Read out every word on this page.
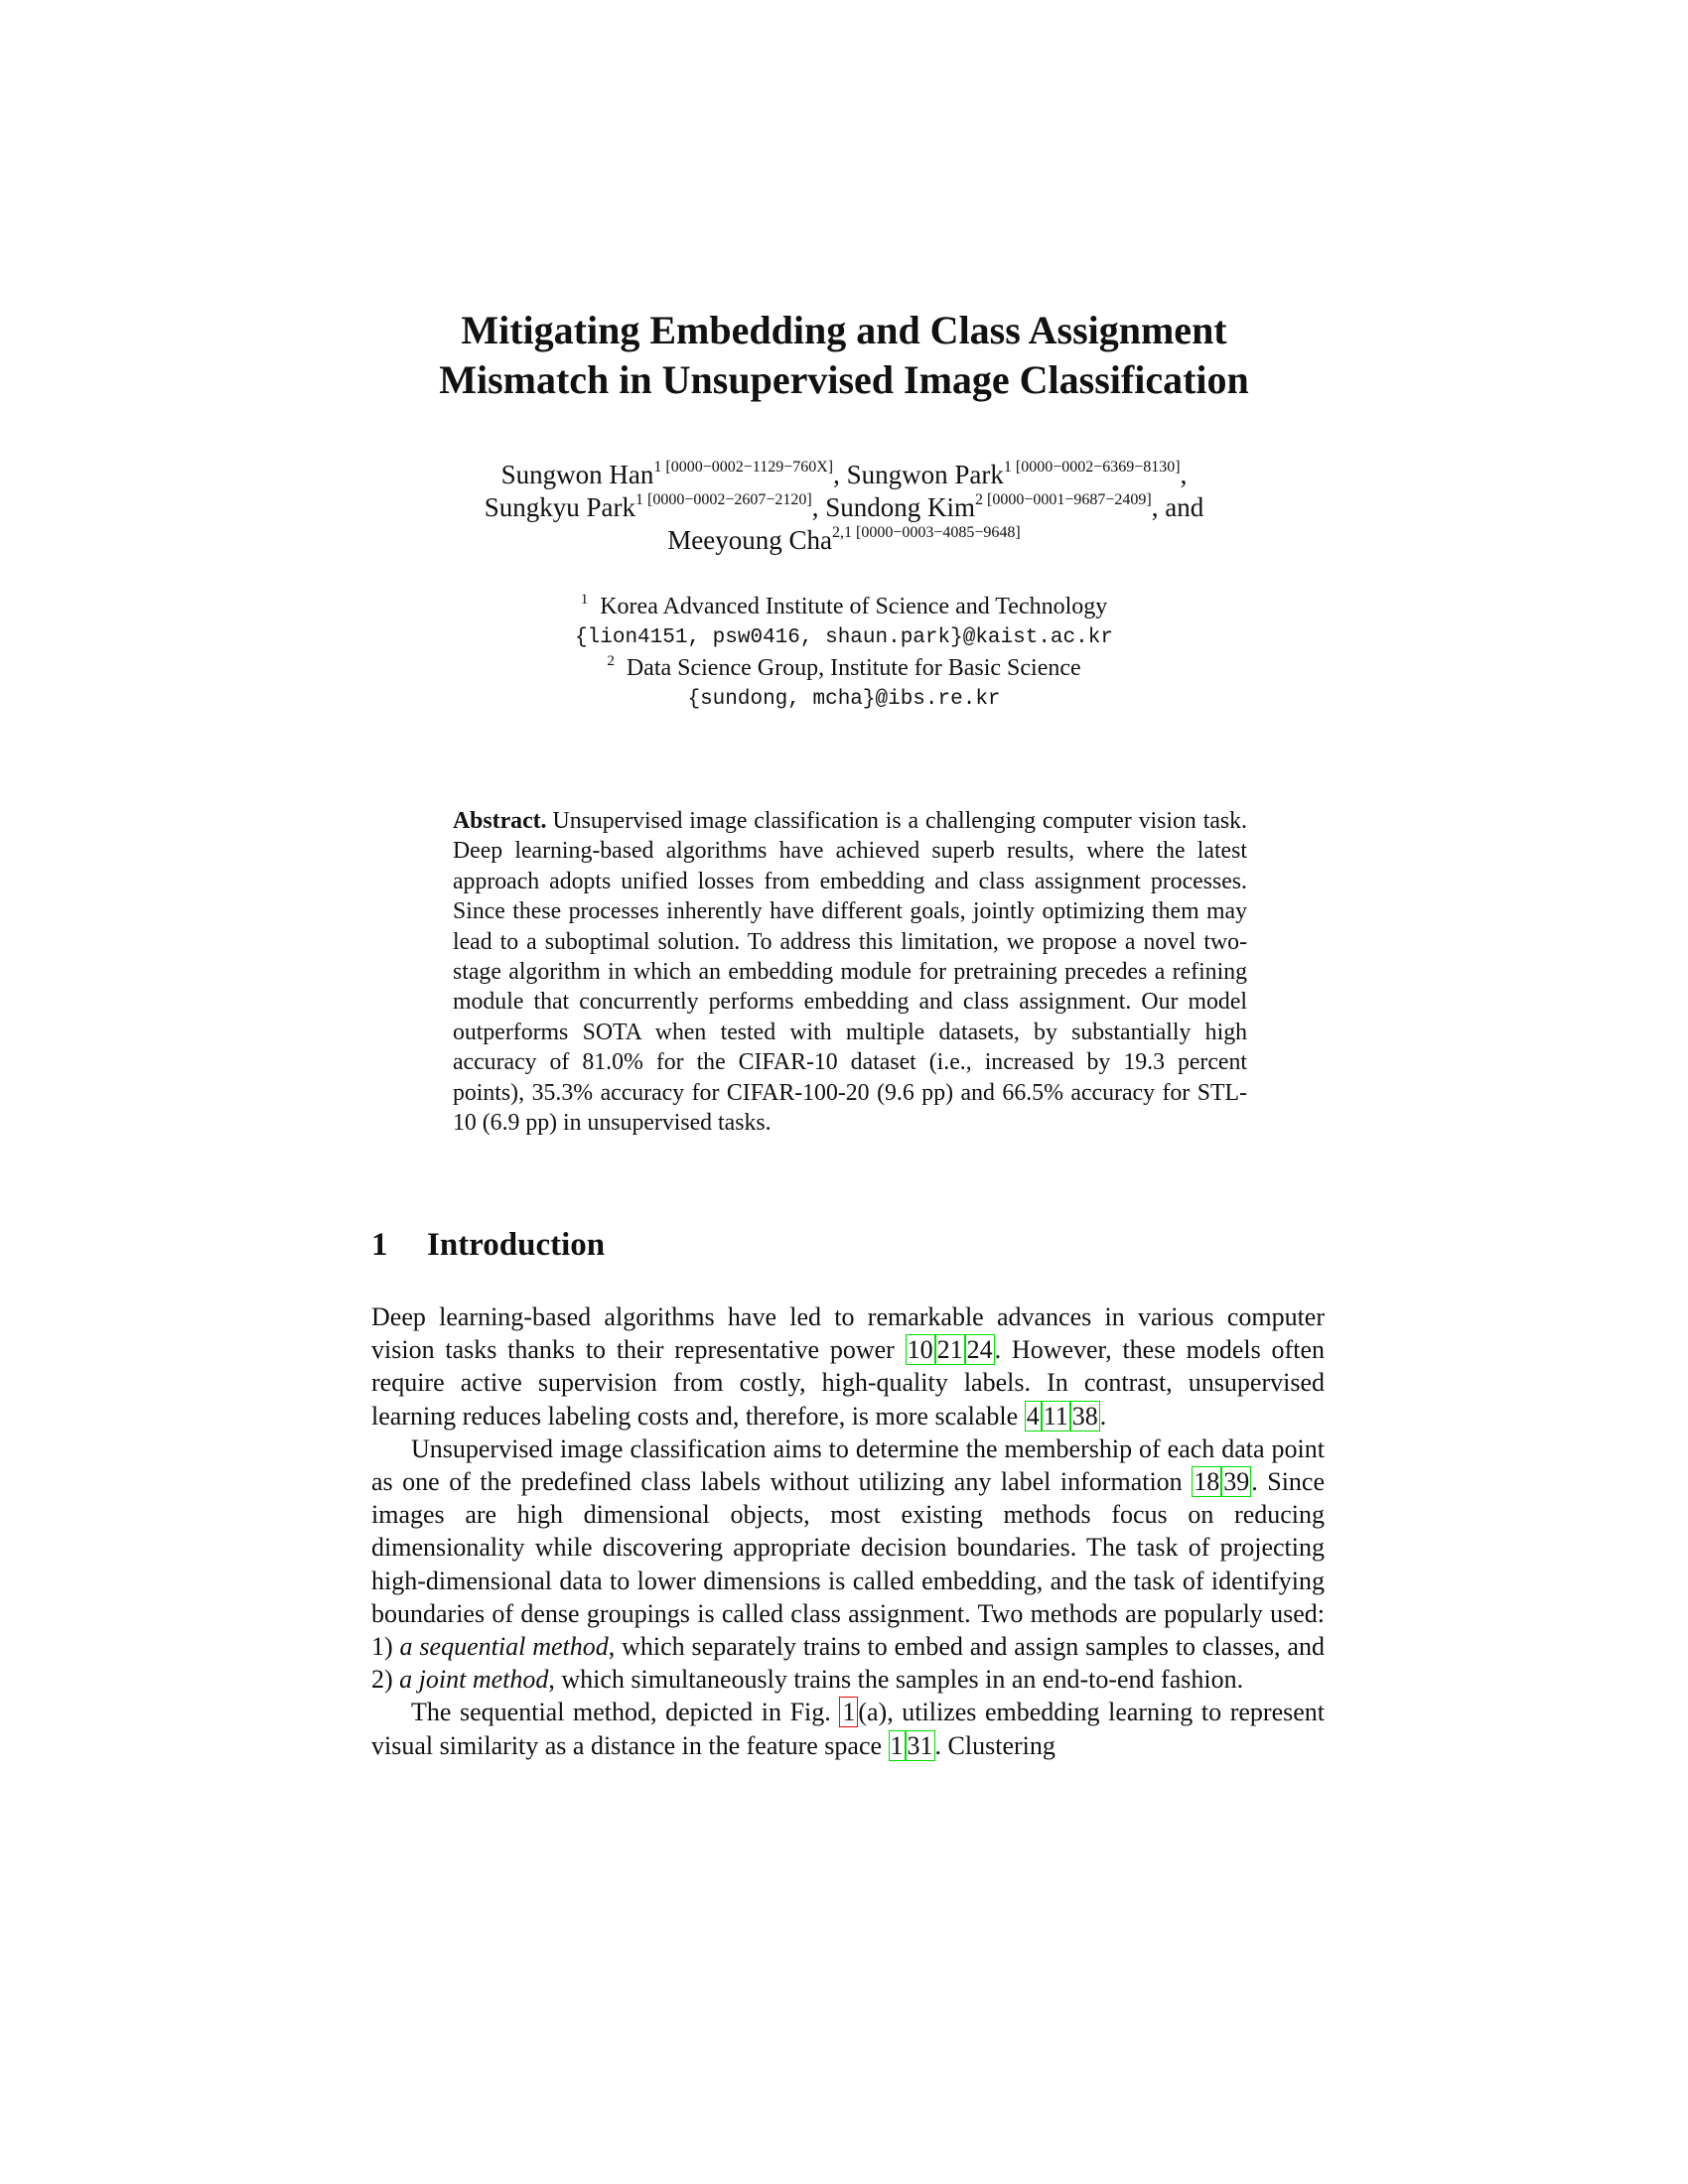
Mitigating Embedding and Class Assignment
Mismatch in Unsupervised Image Classification
Sungwon Han$^{1 [0000-0002-1129-760X]}$, Sungwon Park$^{1 [0000-0002-6369-8130]}$,
Sungkyu Park$^{1 [0000-0002-2607-2120]}$, Sundong Kim$^{2 [0000-0001-9687-2409]}$, and
Meeyoung Cha$^{2,1 [0000-0003-4085-9648]}$
$^1$ Korea Advanced Institute of Science and Technology
{lion4151, psw0416, shaun.park}@kaist.ac.kr
$^2$ Data Science Group, Institute for Basic Science
{sundong, mcha}@ibs.re.kr
Abstract. Unsupervised image classification is a challenging computer vision task. Deep learning-based algorithms have achieved superb results, where the latest approach adopts unified losses from embedding and class assignment processes. Since these processes inherently have different goals, jointly optimizing them may lead to a suboptimal solution. To address this limitation, we propose a novel two-stage algorithm in which an embedding module for pretraining precedes a refining module that concurrently performs embedding and class assignment. Our model outperforms SOTA when tested with multiple datasets, by substantially high accuracy of 81.0% for the CIFAR-10 dataset (i.e., increased by 19.3 percent points), 35.3% accuracy for CIFAR-100-20 (9.6 pp) and 66.5% accuracy for STL-10 (6.9 pp) in unsupervised tasks.
1 Introduction

Deep learning-based algorithms have led to remarkable advances in various computer vision tasks thanks to their representative power 10 21 24. However, these models often require active supervision from costly, high-quality labels. In contrast, unsupervised learning reduces labeling costs and, therefore, is more scalable 4 11 38.

Unsupervised image classification aims to determine the membership of each data point as one of the predefined class labels without utilizing any label information 18 39. Since images are high dimensional objects, most existing methods focus on reducing dimensionality while discovering appropriate decision boundaries. The task of projecting high-dimensional data to lower dimensions is called embedding, and the task of identifying boundaries of dense groupings is called class assignment. Two methods are popularly used: 1) a sequential method, which separately trains to embed and assign samples to classes, and 2) a joint method, which simultaneously trains the samples in an end-to-end fashion.

The sequential method, depicted in Fig. 1 (a), utilizes embedding learning to represent visual similarity as a distance in the feature space 1 31. Clustering
